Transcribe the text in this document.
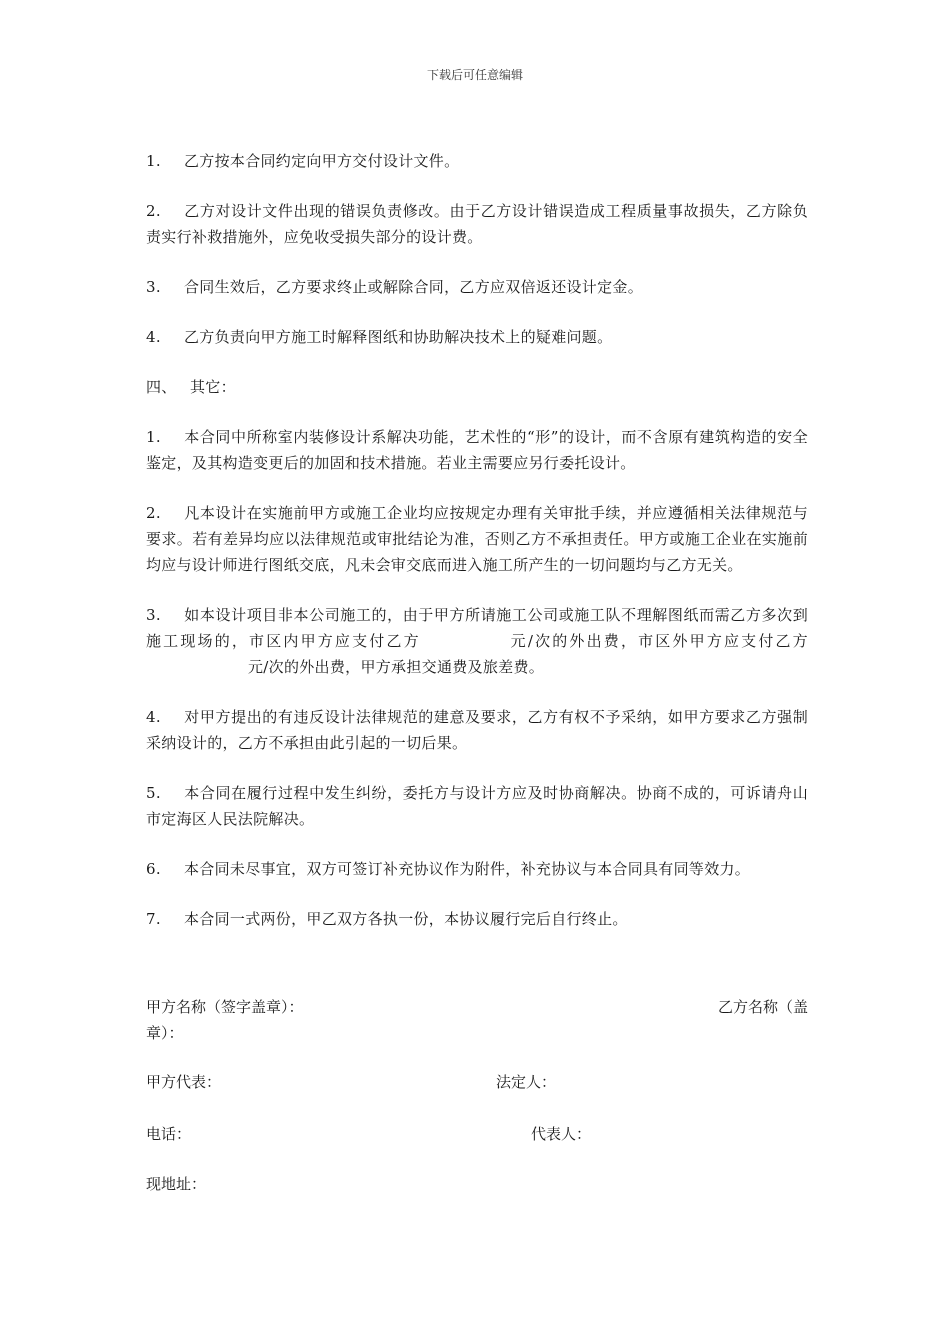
下载后可任意编辑

1. 乙方按本合同约定向甲方交付设计文件。

2. 乙方对设计文件出现的错误负责修改。由于乙方设计错误造成工程质量事故损失，乙方除负责实行补救措施外，应免收受损失部分的设计费。

3. 合同生效后，乙方要求终止或解除合同，乙方应双倍返还设计定金。

4. 乙方负责向甲方施工时解释图纸和协助解决技术上的疑难问题。

四、 其它：

1. 本合同中所称室内装修设计系解决功能，艺术性的“形”的设计，而不含原有建筑构造的安全鉴定，及其构造变更后的加固和技术措施。若业主需要应另行委托设计。

2. 凡本设计在实施前甲方或施工企业均应按规定办理有关审批手续，并应遵循相关法律规范与要求。若有差异均应以法律规范或审批结论为准，否则乙方不承担责任。甲方或施工企业在实施前均应与设计师进行图纸交底，凡未会审交底而进入施工所产生的一切问题均与乙方无关。

3. 如本设计项目非本公司施工的，由于甲方所请施工公司或施工队不理解图纸而需乙方多次到施工现场的，市区内甲方应支付乙方	元/次的外出费，市区外甲方应支付乙方元/次的外出费，甲方承担交通费及旅差费。

4. 对甲方提出的有违反设计法律规范的建意及要求，乙方有权不予采纳，如甲方要求乙方强制采纳设计的，乙方不承担由此引起的一切后果。

5. 本合同在履行过程中发生纠纷，委托方与设计方应及时协商解决。协商不成的，可诉请舟山市定海区人民法院解决。

6. 本合同未尽事宜，双方可签订补充协议作为附件，补充协议与本合同具有同等效力。

7. 本合同一式两份，甲乙双方各执一份，本协议履行完后自行终止。

甲方名称（签字盖章）：	乙方名称（盖
章）：
甲方代表：	法定人：
电话：	代表人：
现地址：
